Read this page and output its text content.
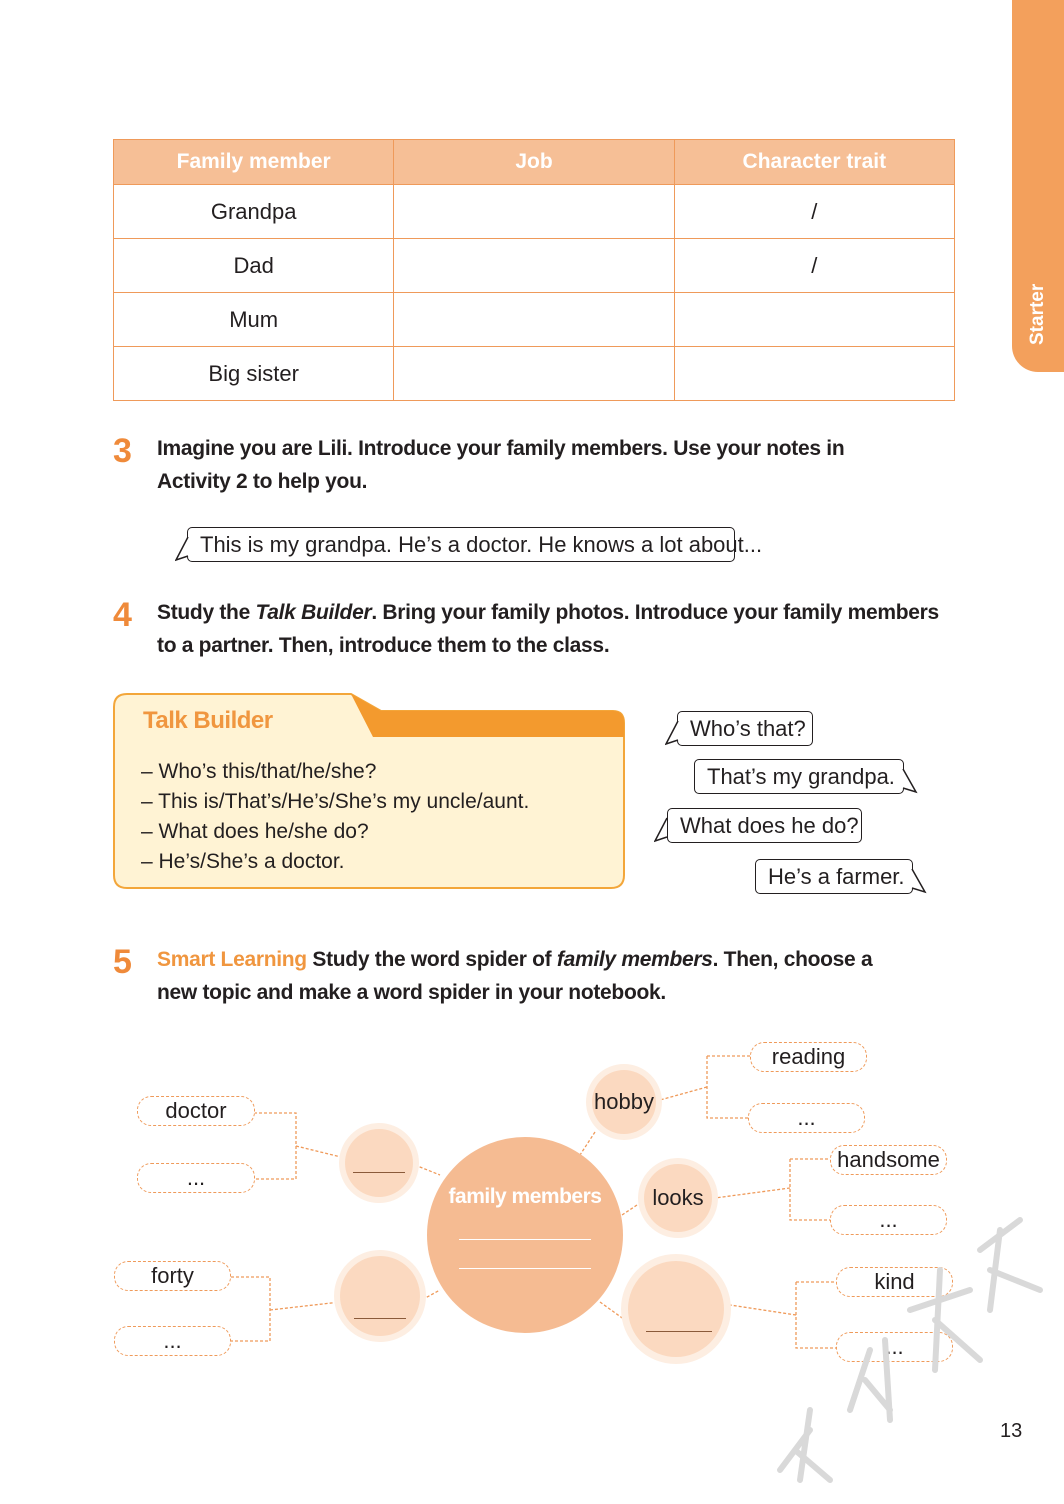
Starter
Family member	Job	Character trait
Grandpa		/
Dad		/
Mum		
Big sister		
3	Imagine you are Lili. Introduce your family members. Use your notes in
Activity 2 to help you.
This is my grandpa. He’s a doctor. He knows a lot about...
4	Study the Talk Builder. Bring your family photos. Introduce your family members
to a partner. Then, introduce them to the class.
Talk Builder
– Who’s this/that/he/she?
– This is/That’s/He’s/She’s my uncle/aunt.
– What does he/she do?
– He’s/She’s a doctor.
Who’s that?
That’s my grandpa.
What does he do?
He’s a farmer.
5	Smart Learning Study the word spider of family members. Then, choose a
new topic and make a word spider in your notebook.
doctor
...
forty
...
reading
...
handsome
...
kind
...
family members
hobby
looks
13
